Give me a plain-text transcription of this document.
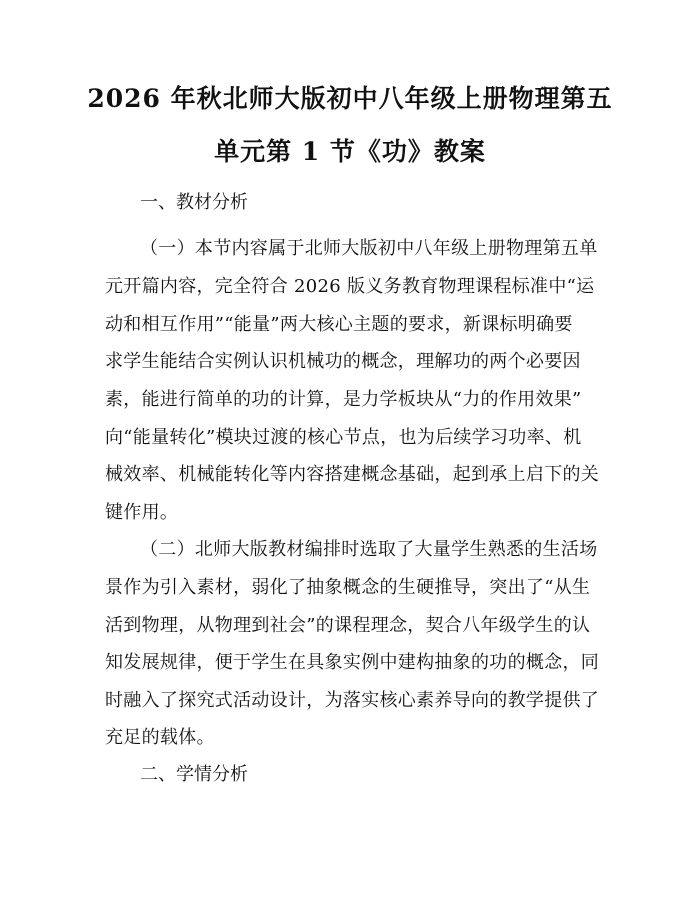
2026 年秋北师大版初中八年级上册物理第五
单元第 1 节《功》教案
一、教材分析
（一）本节内容属于北师大版初中八年级上册物理第五单
元开篇内容，完全符合 2026 版义务教育物理课程标准中“运
动和相互作用”“能量”两大核心主题的要求，新课标明确要
求学生能结合实例认识机械功的概念，理解功的两个必要因
素，能进行简单的功的计算，是力学板块从“力的作用效果”
向“能量转化”模块过渡的核心节点，也为后续学习功率、机
械效率、机械能转化等内容搭建概念基础，起到承上启下的关
键作用。
（二）北师大版教材编排时选取了大量学生熟悉的生活场
景作为引入素材，弱化了抽象概念的生硬推导，突出了“从生
活到物理，从物理到社会”的课程理念，契合八年级学生的认
知发展规律，便于学生在具象实例中建构抽象的功的概念，同
时融入了探究式活动设计，为落实核心素养导向的教学提供了
充足的载体。
二、学情分析
